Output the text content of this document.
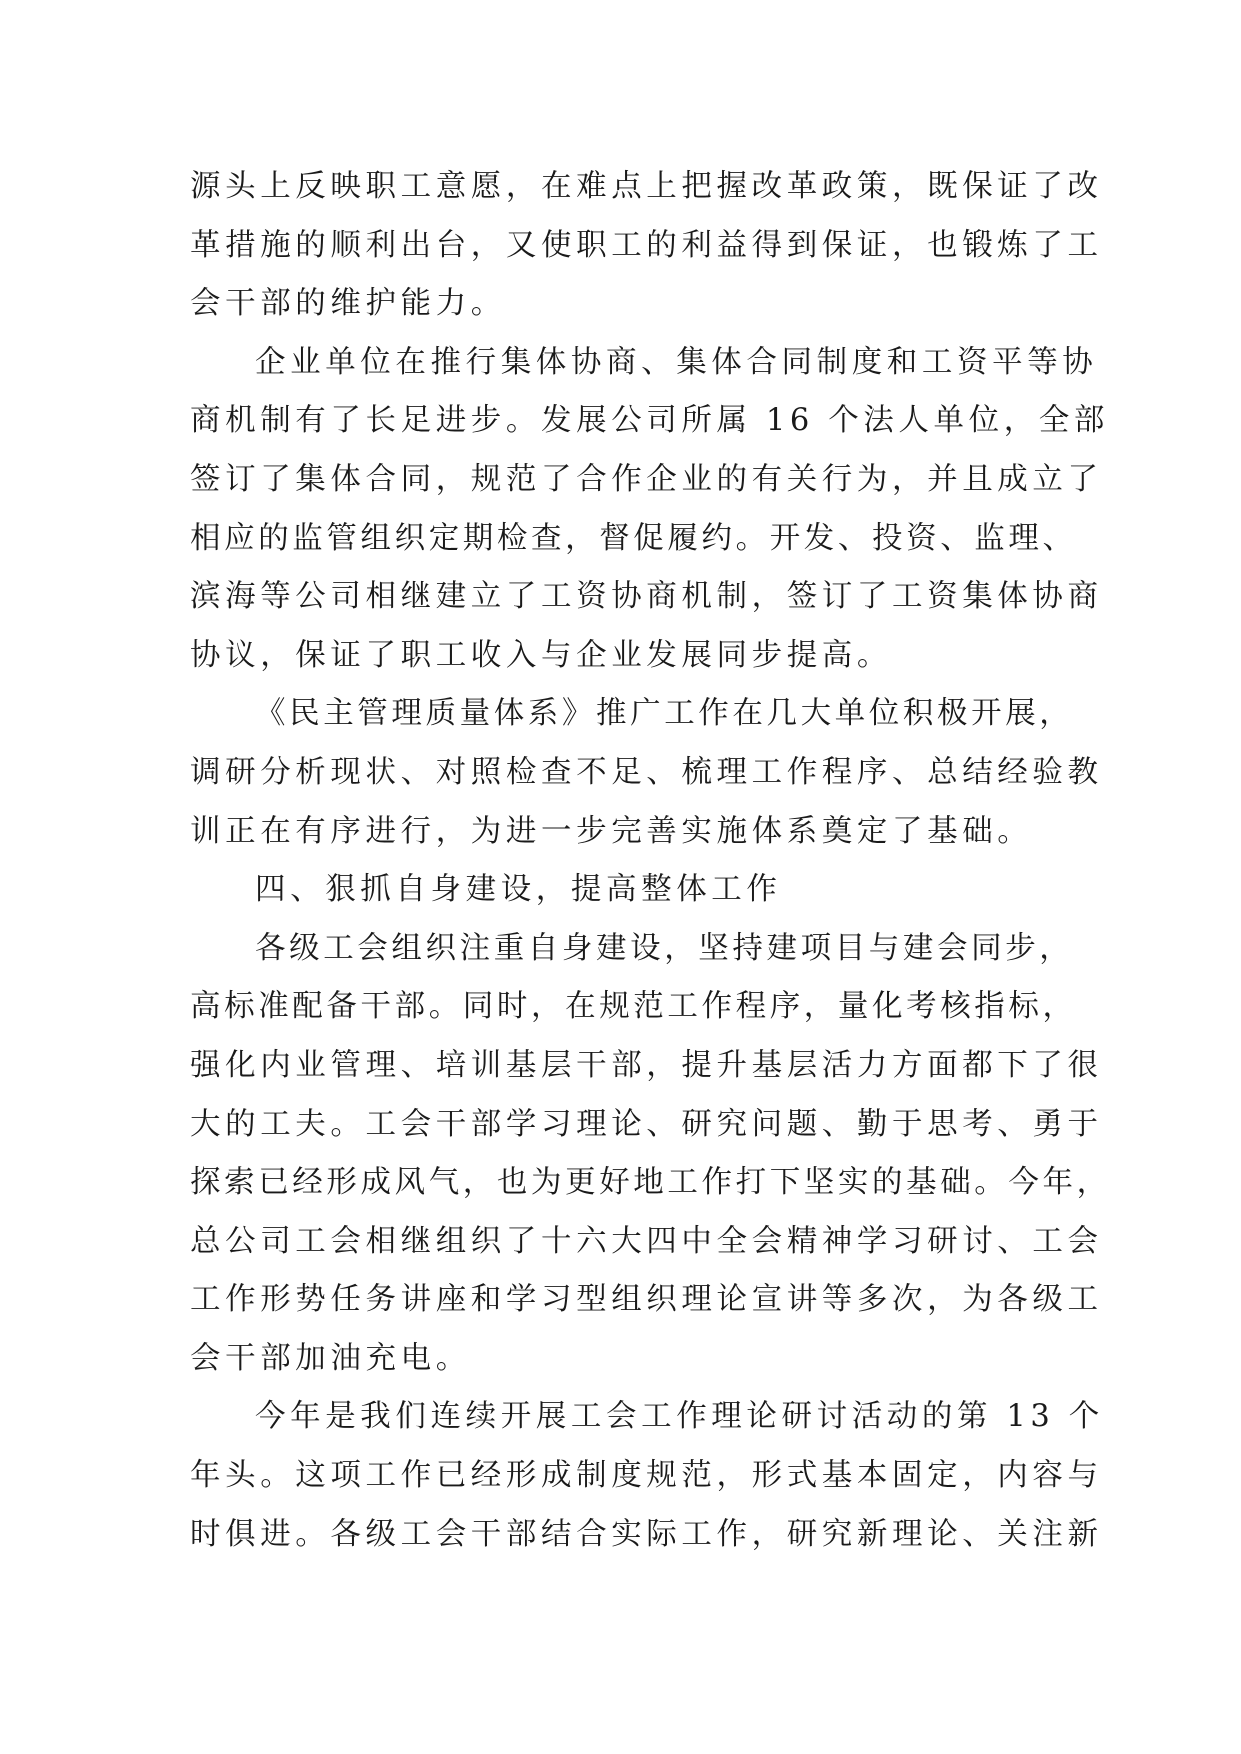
源头上反映职工意愿，在难点上把握改革政策，既保证了改
革措施的顺利出台，又使职工的利益得到保证，也锻炼了工
会干部的维护能力。
企业单位在推行集体协商、集体合同制度和工资平等协
商机制有了长足进步。发展公司所属 16 个法人单位，全部
签订了集体合同，规范了合作企业的有关行为，并且成立了
相应的监管组织定期检查，督促履约。开发、投资、监理、
滨海等公司相继建立了工资协商机制，签订了工资集体协商
协议，保证了职工收入与企业发展同步提高。
《民主管理质量体系》推广工作在几大单位积极开展，
调研分析现状、对照检查不足、梳理工作程序、总结经验教
训正在有序进行，为进一步完善实施体系奠定了基础。
四、狠抓自身建设，提高整体工作
各级工会组织注重自身建设，坚持建项目与建会同步，
高标准配备干部。同时，在规范工作程序，量化考核指标，
强化内业管理、培训基层干部，提升基层活力方面都下了很
大的工夫。工会干部学习理论、研究问题、勤于思考、勇于
探索已经形成风气，也为更好地工作打下坚实的基础。今年，
总公司工会相继组织了十六大四中全会精神学习研讨、工会
工作形势任务讲座和学习型组织理论宣讲等多次，为各级工
会干部加油充电。
今年是我们连续开展工会工作理论研讨活动的第 13 个
年头。这项工作已经形成制度规范，形式基本固定，内容与
时俱进。各级工会干部结合实际工作，研究新理论、关注新
